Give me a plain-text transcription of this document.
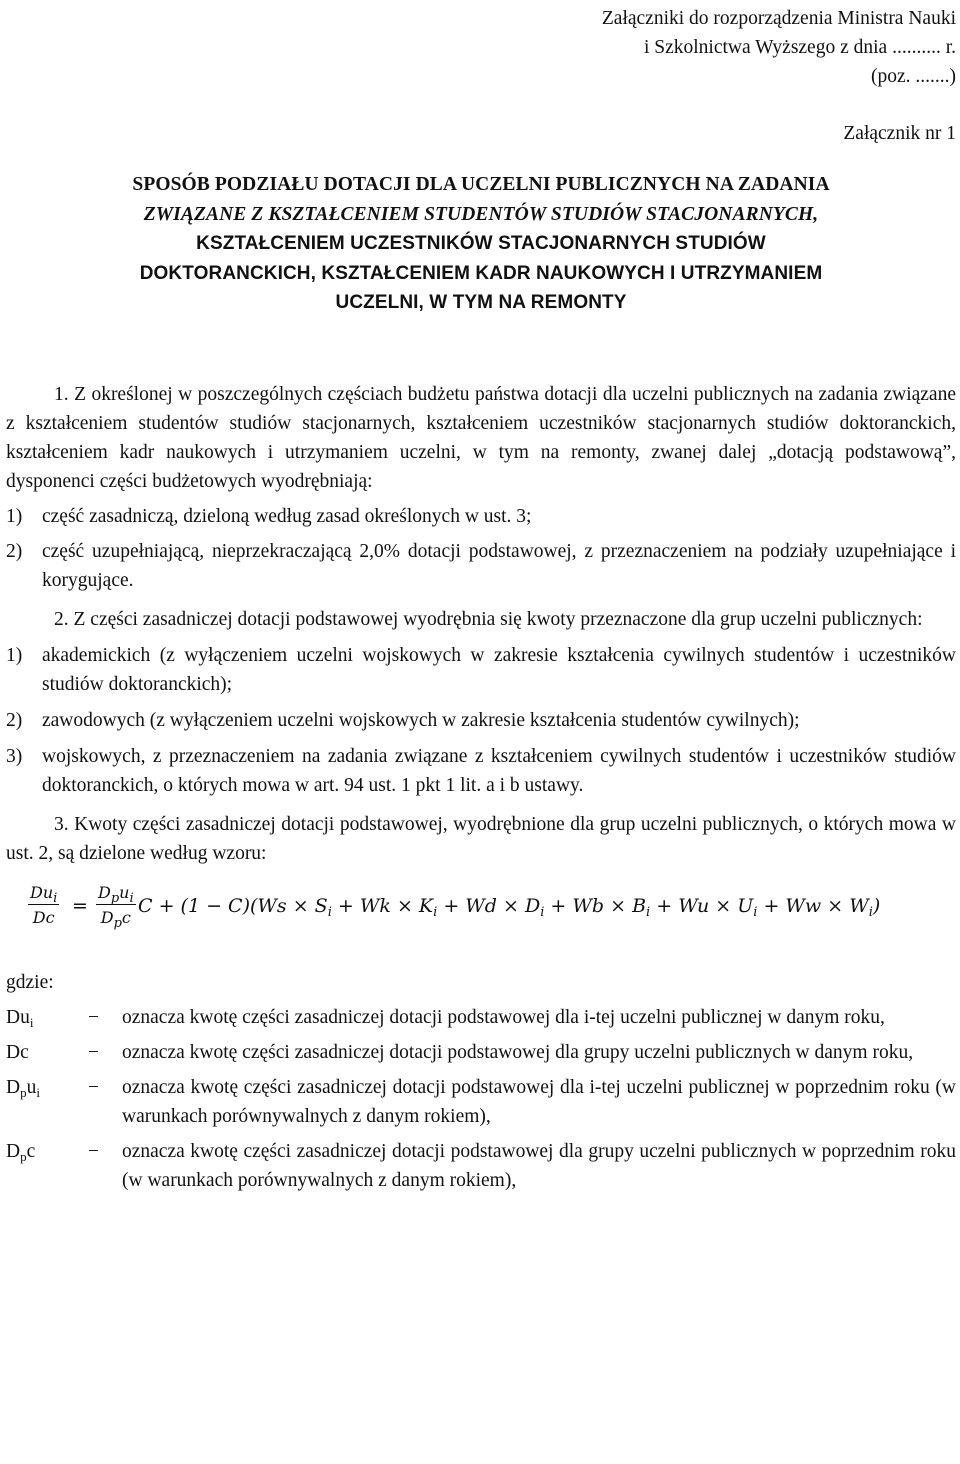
Załączniki do rozporządzenia Ministra Nauki
i Szkolnictwa Wyższego z dnia .......... r.
(poz. .......)
Załącznik nr 1
SPOSÓB PODZIAŁU DOTACJI DLA UCZELNI PUBLICZNYCH NA ZADANIA
ZWIĄZANE Z KSZTAŁCENIEM STUDENTÓW STUDIÓW STACJONARNYCH,
KSZTAŁCENIEM UCZESTNIKÓW STACJONARNYCH STUDIÓW
DOKTORANCKICH, KSZTAŁCENIEM KADR NAUKOWYCH I UTRZYMANIEM
UCZELNI, W TYM NA REMONTY
1. Z określonej w poszczególnych częściach budżetu państwa dotacji dla uczelni publicznych na zadania związane z kształceniem studentów studiów stacjonarnych, kształceniem uczestników stacjonarnych studiów doktoranckich, kształceniem kadr naukowych i utrzymaniem uczelni, w tym na remonty, zwanej dalej „dotacją podstawową”, dysponenci części budżetowych wyodrębniają:
1)	część zasadniczą, dzieloną według zasad określonych w ust. 3;
2)	część uzupełniającą, nieprzekraczającą 2,0% dotacji podstawowej, z przeznaczeniem na podziały uzupełniające i korygujące.
2. Z części zasadniczej dotacji podstawowej wyodrębnia się kwoty przeznaczone dla grup uczelni publicznych:
1)	akademickich (z wyłączeniem uczelni wojskowych w zakresie kształcenia cywilnych studentów i uczestników studiów doktoranckich);
2)	zawodowych (z wyłączeniem uczelni wojskowych w zakresie kształcenia studentów cywilnych);
3)	wojskowych, z przeznaczeniem na zadania związane z kształceniem cywilnych studentów i uczestników studiów doktoranckich, o których mowa w art. 94 ust. 1 pkt 1 lit. a i b ustawy.
3. Kwoty części zasadniczej dotacji podstawowej, wyodrębnione dla grup uczelni publicznych, o których mowa w ust. 2, są dzielone według wzoru:
$Du_i$
Dc
=
$D_pu_i$
$D_pc$
$C + (1 - C)(Ws \times S_i + Wk \times K_i + Wd \times D_i + Wb \times B_i + Wu \times U_i + Ww \times W_i)$
gdzie:
$Du_i$	−	oznacza kwotę części zasadniczej dotacji podstawowej dla i-tej uczelni publicznej w danym roku,
Dc	−	oznacza kwotę części zasadniczej dotacji podstawowej dla grupy uczelni publicznych w danym roku,
$D_pu_i$	−	oznacza kwotę części zasadniczej dotacji podstawowej dla i-tej uczelni publicznej w poprzednim roku (w warunkach porównywalnych z danym rokiem),
$D_pc$	−	oznacza kwotę części zasadniczej dotacji podstawowej dla grupy uczelni publicznych w poprzednim roku (w warunkach porównywalnych z danym rokiem),
